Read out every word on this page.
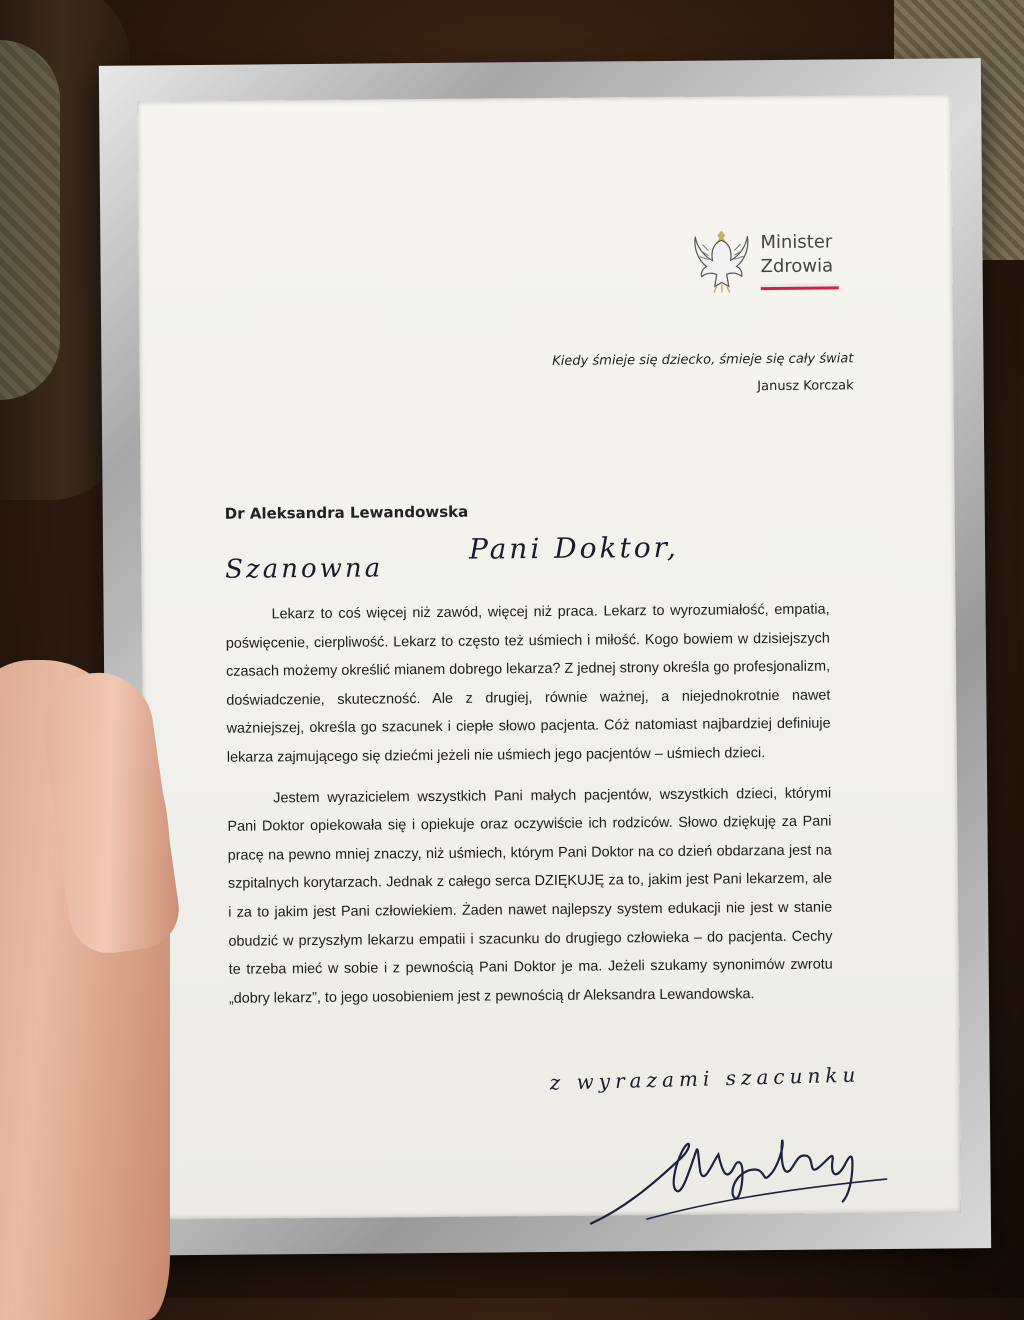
Minister
Zdrowia
Kiedy śmieje się dziecko, śmieje się cały świat
Janusz Korczak
Dr Aleksandra Lewandowska
Szanowna
Pani Doktor,

Lekarz to coś więcej niż zawód, więcej niż praca. Lekarz to wyrozumiałość, empatia, poświęcenie, cierpliwość. Lekarz to często też uśmiech i miłość. Kogo bowiem w dzisiejszych czasach możemy określić mianem dobrego lekarza? Z jednej strony określa go profesjonalizm, doświadczenie, skuteczność. Ale z drugiej, równie ważnej, a niejednokrotnie nawet ważniejszej, określa go szacunek i ciepłe słowo pacjenta. Cóż natomiast najbardziej definiuje lekarza zajmującego się dziećmi jeżeli nie uśmiech jego pacjentów – uśmiech dzieci.

Jestem wyrazicielem wszystkich Pani małych pacjentów, wszystkich dzieci, którymi Pani Doktor opiekowała się i opiekuje oraz oczywiście ich rodziców. Słowo dziękuję za Pani pracę na pewno mniej znaczy, niż uśmiech, którym Pani Doktor na co dzień obdarzana jest na szpitalnych korytarzach. Jednak z całego serca DZIĘKUJĘ za to, jakim jest Pani lekarzem, ale i za to jakim jest Pani człowiekiem. Żaden nawet najlepszy system edukacji nie jest w stanie obudzić w przyszłym lekarzu empatii i szacunku do drugiego człowieka – do pacjenta. Cechy te trzeba mieć w sobie i z pewnością Pani Doktor je ma. Jeżeli szukamy synonimów zwrotu „dobry lekarz”, to jego uosobieniem jest z pewnością dr Aleksandra Lewandowska.

z wyrazami szacunku
